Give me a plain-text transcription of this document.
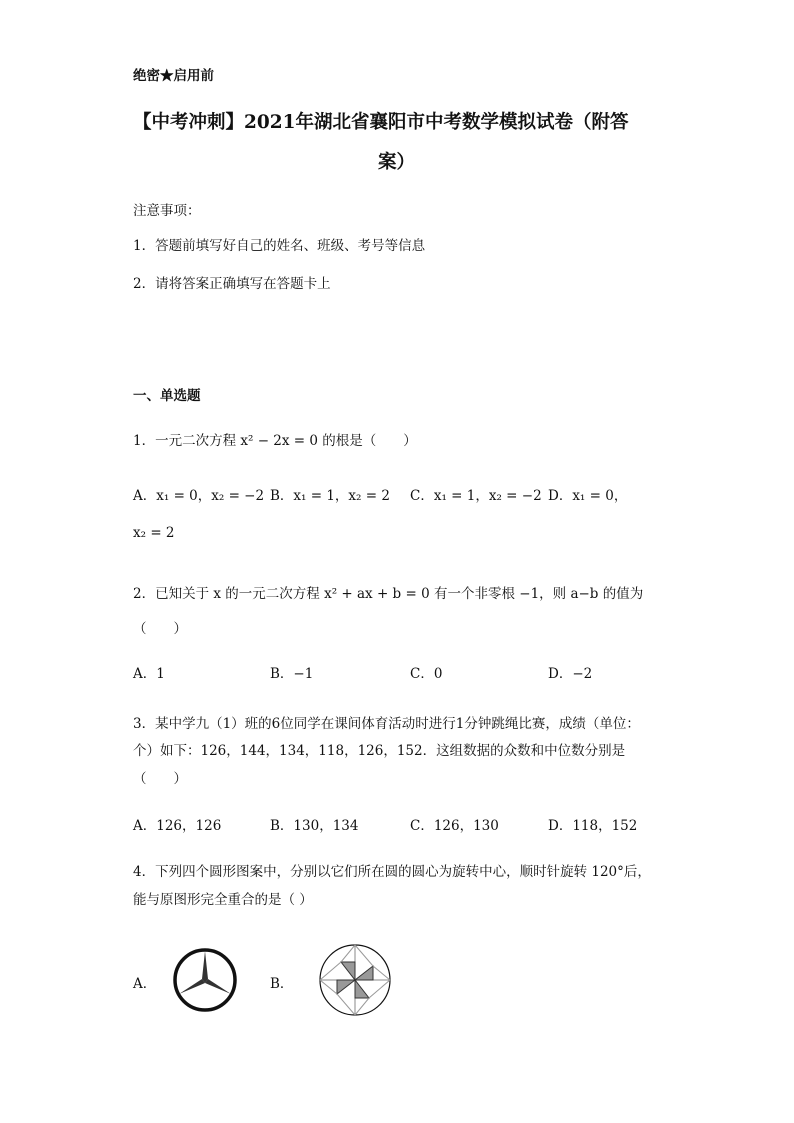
绝密★启用前
【中考冲刺】2021年湖北省襄阳市中考数学模拟试卷（附答
案）
注意事项：
1．答题前填写好自己的姓名、班级、考号等信息
2．请将答案正确填写在答题卡上
一、单选题
1．一元二次方程 x² − 2x = 0 的根是（　　）
A．x₁ = 0，x₂ = −2 B．x₁ = 1，x₂ = 2 C．x₁ = 1，x₂ = −2 D．x₁ = 0，
x₂ = 2
2．已知关于 x 的一元二次方程 x² + ax + b = 0 有一个非零根 −1，则 a−b 的值为
（　　）
A．1	B．−1	C．0	D．−2
3．某中学九（1）班的6位同学在课间体育活动时进行1分钟跳绳比赛，成绩（单位：
个）如下：126，144，134，118，126，152．这组数据的众数和中位数分别是
（　　）
A．126，126	B．130，134	C．126，130	D．118，152
4．下列四个圆形图案中，分别以它们所在圆的圆心为旋转中心，顺时针旋转 120°后，
能与原图形完全重合的是（ ）
A．	B．
